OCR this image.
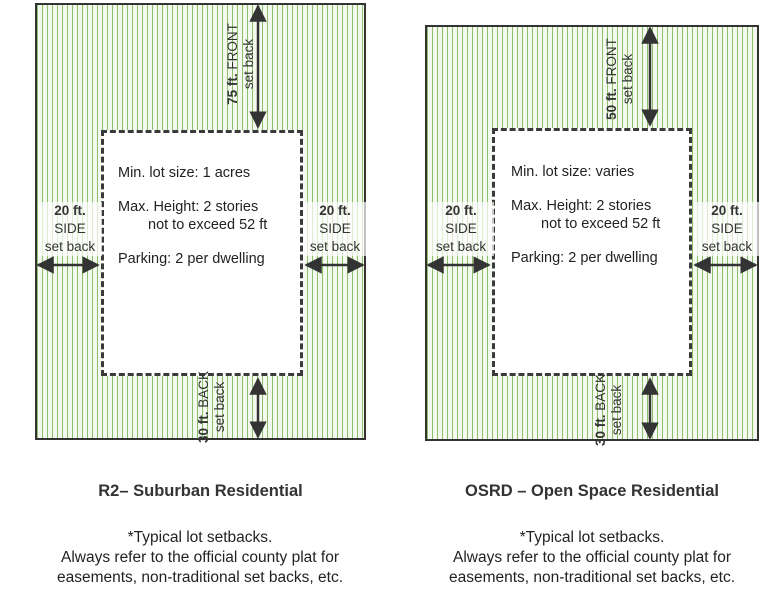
Min. lot size: 1 acres
Max. Height: 2 stories
not to exceed 52 ft
Parking: 2 per dwelling
20 ft.
SIDE
set back
20 ft.
SIDE
set back
75 ft. FRONT set back
30 ft. BACK set back
Min. lot size: varies
Max. Height: 2 stories
not to exceed 52 ft
Parking: 2 per dwelling
20 ft.
SIDE
set back
20 ft.
SIDE
set back
50 ft. FRONT set back
30 ft. BACK set back
R2– Suburban Residential	OSRD – Open Space Residential
*Typical lot setbacks.
Always refer to the official county plat for
easements, non-traditional set backs, etc.
*Typical lot setbacks.
Always refer to the official county plat for
easements, non-traditional set backs, etc.
